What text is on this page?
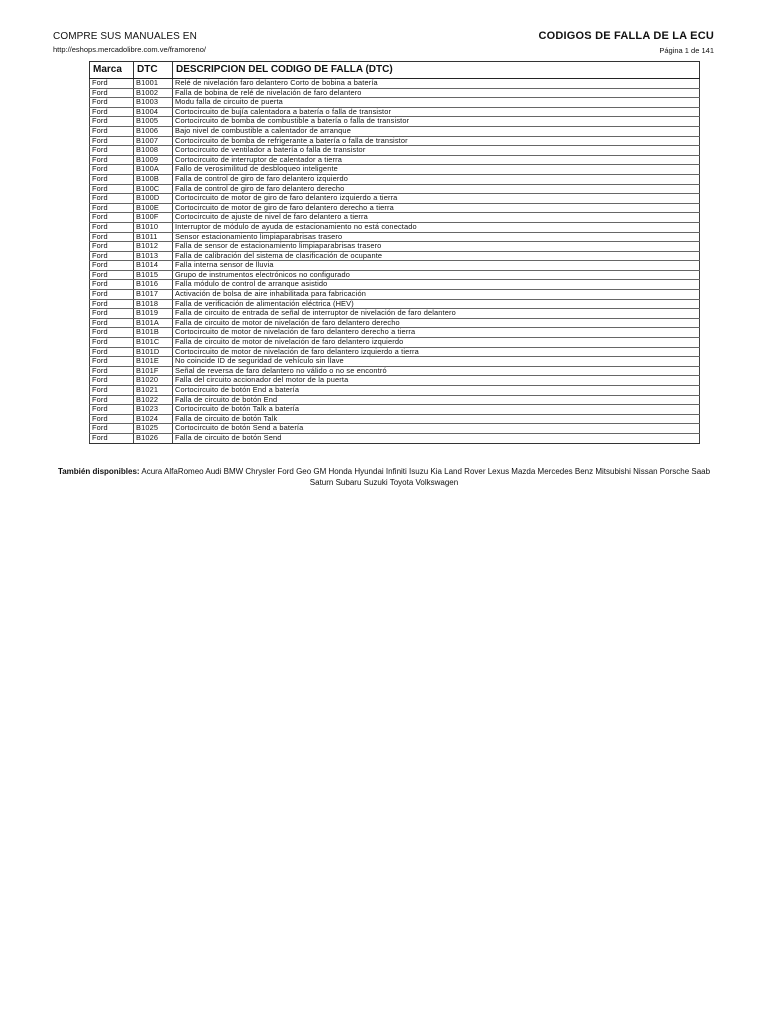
COMPRE SUS MANUALES EN
http://eshops.mercadolibre.com.ve/framoreno/
CODIGOS DE FALLA DE LA ECU
Página 1 de 141
Marca	DTC	DESCRIPCION DEL CODIGO DE FALLA (DTC)
Ford	B1001	Relé de nivelación faro delantero Corto de bobina a batería
Ford	B1002	Falla de bobina de relé de nivelación de faro delantero
Ford	B1003	Modu falla de circuito de puerta
Ford	B1004	Cortocircuito de bujía calentadora a batería o falla de transistor
Ford	B1005	Cortocircuito de bomba de combustible a batería o falla de transistor
Ford	B1006	Bajo nivel de combustible a calentador de arranque
Ford	B1007	Cortocircuito de bomba de refrigerante a batería o falla de transistor
Ford	B1008	Cortocircuito de ventilador a batería o falla de transistor
Ford	B1009	Cortocircuito de interruptor de calentador a tierra
Ford	B100A	Fallo de verosimilitud de desbloqueo inteligente
Ford	B100B	Falla de control de giro de faro delantero izquierdo
Ford	B100C	Falla de control de giro de faro delantero derecho
Ford	B100D	Cortocircuito de motor de giro de faro delantero izquierdo a tierra
Ford	B100E	Cortocircuito de motor de giro de faro delantero derecho a tierra
Ford	B100F	Cortocircuito de ajuste de nivel de faro delantero a tierra
Ford	B1010	Interruptor de módulo de ayuda de estacionamiento no está conectado
Ford	B1011	Sensor estacionamiento limpiaparabrisas trasero
Ford	B1012	Falla de sensor de estacionamiento limpiaparabrisas trasero
Ford	B1013	Falla de calibración del sistema de clasificación de ocupante
Ford	B1014	Falla interna sensor de lluvia
Ford	B1015	Grupo de instrumentos electrónicos no configurado
Ford	B1016	Falla módulo de control de arranque asistido
Ford	B1017	Activación de bolsa de aire inhabilitada para fabricación
Ford	B1018	Falla de verificación de alimentación eléctrica (HEV)
Ford	B1019	Falla de circuito de entrada de señal de interruptor de nivelación de faro delantero
Ford	B101A	Falla de circuito de motor de nivelación de faro delantero derecho
Ford	B101B	Cortocircuito de motor de nivelación de faro delantero derecho a tierra
Ford	B101C	Falla de circuito de motor de nivelación de faro delantero izquierdo
Ford	B101D	Cortocircuito de motor de nivelación de faro delantero izquierdo a tierra
Ford	B101E	No coincide ID de seguridad de vehículo sin llave
Ford	B101F	Señal de reversa de faro delantero no válido o no se encontró
Ford	B1020	Falla del circuito accionador del motor de la puerta
Ford	B1021	Cortocircuito de botón End a batería
Ford	B1022	Falla de circuito de botón End
Ford	B1023	Cortocircuito de botón Talk a batería
Ford	B1024	Falla de circuito de botón Talk
Ford	B1025	Cortocircuito de botón Send a batería
Ford	B1026	Falla de circuito de botón Send
También disponibles: Acura AlfaRomeo Audi BMW Chrysler Ford Geo GM Honda Hyundai Infiniti Isuzu Kia Land Rover Lexus Mazda Mercedes Benz Mitsubishi Nissan Porsche Saab Saturn Subaru Suzuki Toyota Volkswagen
